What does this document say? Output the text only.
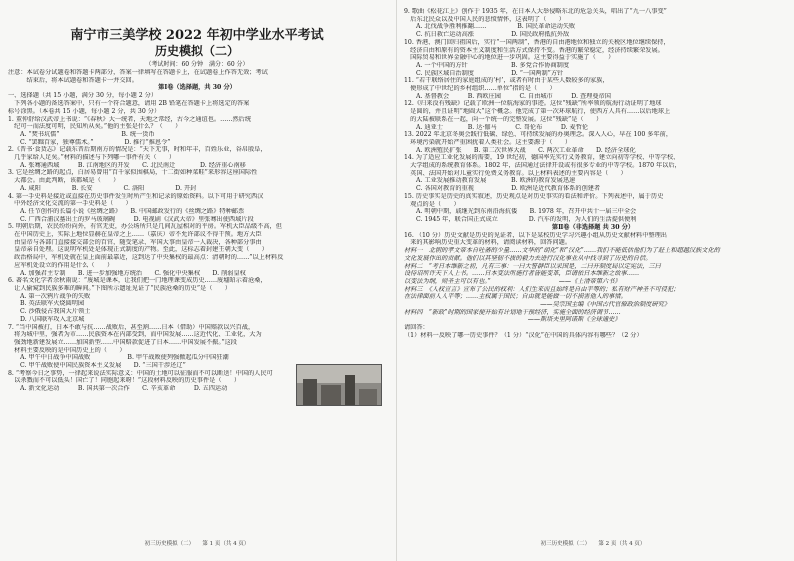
南宁市三美学校 2022 年初中学业水平考试
历史模拟（二）
（考试时间：60 分钟　满分：60 分）
注意：本试卷分试题卷和答题卡两部分，答案一律填写在答题卡上，在试题卷上作答无效；考试
　　　结束后，将本试题卷和答题卡一并交回。
第Ⅰ卷（选择题，共 30 分）
一、选择题（共 15 小题，满分 30 分，每小题 2 分）
　下列各小题的备选答案中，只有一个符合题意，请用 2B 铅笔在答题卡上将选定的答案
标号涂黑。（本卷共 15 小题，每小题 2 分，共 30 分）
1. 董仲舒给汉武帝上书说：“《春秋》大一统者，天地之常经，古今之通谊也。……然后统
　纪可一而法度可明，民知所从矣。”他的主张是什么？（　　）
A. “焚书坑儒”　　　　　　　　　　B. 统一货币
C. “罢黜百家，独尊儒术。”　　　　　D. 推行“推恩令”
2.《晋书·食货志》记载东晋后期南方的情况是：“天下无事，时和年丰，百姓乐业，谷帛殷阜，
　几乎家给人足矣。”材料的描述与下列哪一事件有关（　　）
A. 张骞通西域　　　B. 江南地区的开发　　C. 北民南迁　　　　D. 经济重心南移
3. 它是丝绸之路的起点，白居易曾用“百千家似围棋局，十二街如种菜畦”来形容这座国际性
　大都会。由此判断，该都城是（　　）
A. 咸阳　　　　　B. 长安　　　　　C. 洛阳　　　　　D. 开封
4. 第一手史料是接近或直接在历史事件发生时所产生和记录的原始资料。以下可用于研究西汉
　中外经济文化交流的第一手史料是（　　）
A. 任节创作的长篇小说《丝绸之路》　　B. 中国邮政发行的《丝绸之路》特种邮票
C. 广西合浦汉墓出土的罗马玻璃碗　　　D. 电视剧《汉武大帝》里张骞出使西域片段
5. 明朝后期，农民纷纷向外，有官无吏，办公场所只是几间瓦屋相对的平房。军机大臣品级不高，但
　在中国历史上，实际上地位显赫在皇帝之上……（嘉庆）帝不允许部议不得干预。地方大臣
　由皇帝与各部门直接接交部会的百官，随受笔录、军国大事由皇帝一人裁决，各种部分事由
　皇帝亲自处理。这说明军机处是体现正式制度的产物。至此，这标志着封建王朝大变（　　）
　政治格局中，军机处就在皇上面前最靠近，这到达了中央集权的最高点：清朝时的……”以上材料反
　应军机处设立的作用是什么（　　）
A. 加强君主专制　　B. 进一步加强地方统治　　C. 强化中央集权　　D. 削弱皇权
6. 著名文化学者余秋雨说：“废城是课本，让我们把一门地理课变成历史……废墟昭示着沧桑，
　让人偷窥到民族多难的瞬间。”下图所示遗址见证了“民族沧桑的历史”是（　　）
A. 第一次鸦片战争的失败
B. 英法联军火烧圆明园
C. 沙俄侵占我国大片领土
D. 八国联军攻入北京城
7. “当中国被打，日本不敢与抗……战败后，甚至割……日本（借助）中国赔款以兴百战，
　将为城中里，强者为市……民族资本在内部受到，而中国发展……这近代化、工业化，大为
　强劲地新建发展立……加国新型……中国赔款促进了日本……中国发展不振。”这段
　材料主要反映的是中国历史上的（　　）
A. 甲午中日战争中国战败　　　　　　B. 甲午战败使列强掀起瓜分中国狂潮
C. 甲午战败使中国民族资本主义发展　　D. “三国干涉还辽”
8. “考察今日之事势，一律起来说法实际意义：中国的土地可以征服而不可以断送！中国的人民可
　以杀戮而不可以低头！国亡了！同胞起来呀！”这段材料反映的历史事件是（　　）
A. 新文化运动　　　B. 国共第一次合作　　C. 辛亥革命　　　D. 五四运动
初三历史模拟（二）　　第 1 页（共 4 页）
9. 歌曲《松花江上》创作于 1935 年，在日本人大举侵略东北的危急关头，唱出了“九一八事变”
　后东北民众以及中国人民的悲愤情怀，这表明了（　　）
A. 北伐战争胜利推翻……　　　　　B. 国民革命运动失败
C. 抗日救亡运动高涨　　　　　　D. 国民政府抵抗外敌
10. 香港、澳门回归祖国后，实行“一国两制”，香港的自由港地位和独立的关税区地位继续保持，
　经济自由和原有的资本主义制度和生活方式保持不变。香港的繁荣稳定，经济持续繁荣发展。
　国际贸易和世界金融中心的地位进一步巩固。这主要得益于实施了（　　）
A. 一个中国的方针　　　　　　　B. 多党合作协商制度
C. 民族区域自治制度　　　　　　D. “一国两制”方针
11. “若干联络居住的家庭组成的‘村’，或者有时由于某些人数较多的家族，
　便形成了中世纪的乡村组织……单位”指的是（　　）
A. 基督教会　　　B. 西欧庄园　　　C. 自由城市　　　D. 查理曼帝国
12.《归来没有残缺》记载了欧洲一位航海家的事迹。这位“残缺”所率领的航海行动证明了地球
　是圆的，并且证明“地圆大”这个概念。他完成了第一次环球航行，使西方人具有……以后地球上
　的大陆被联系在一起，向一个统一的完整发展。这位“残缺”是（　　）
A. 迪亚士　　　　B. 达·伽马　　　C. 哥伦布　　　D. 麦哲伦
13. 2022 年北京冬奥会践行低碳、绿色、可持续发展的办奥理念。深入人心，早在 100 多年前，
　环境污染就开始严重困扰着人类社会。这主要源于（　　）
A. 欧洲殖民扩张　　B. 第二次世界大战　　C. 两次工业革命　　D. 经济全球化
14. 为了适应工业化发展的需要，19 世纪初，德国率先实行义务教育，建立向初等学校、中等学校、
　大学组成的系统教育体系。1802 年，法国通过法律开设或有很多专业的中等学校。1870 年以后，
　英国、法国开始对儿童实行免费义务教育。以上材料表述的主要内容是（　　）
A. 工业发展推动教育发展　　　　B. 欧洲的教育发展迅速
C. 各国对教育的重视　　　　　　D. 欧洲是近代教育体系的创建者
15. 历史事实是历史的真实叙述，历史观点是对历史事实的看法和评价。下列表述中，属于历史
　观点的是（　　）
A. 明朝中期，戚继光到东南沿海抗倭　　B. 1978 年，召开中共十一届三中全会
C. 1945 年，联合国正式成立　　　　　D. 汽车的发明，为人们的生活提供便利
第Ⅱ卷（非选择题 共 30 分）
16. （10 分）历史文献是历史的见证者，以下是某校历史学习兴趣小组从历史文献材料中整理出
　来的其影响历史重大变革的材料，请阅读材料，回答问题。
材料一　北朝的孝文帝本自吐蕃的少量……文华的“胡化”和“汉化”……我们不能低估他们为了赶上和超越汉族文化的
文化发展作出的贡献。他们以其坚韧不拔的毅力去进行汉化事业从中找寻到了历史的自信。
材料二　“考日本维新之初，凡有三事：一曰大誓群臣以采国是，二曰开制度局以定宪法，三曰
设待诏所许天下人上书。……日本变法所施行者皆能变革，臣请依日本维新之故事……
以变法为纲，则圣主可以有也。”　　　　　　　　　　　——《上清帝第六书》
材料三　《人权宣言》宣布了公民的权利：人们生来而且始终是自由平等的；私有财产神圣不可侵犯；
在法律面前人人平等；……主权属于国民；自由就是能做一切不损害他人的事情。
　　　　　　　　　　　　　　　　　　　　　　——吴宗国主编《中国古代官僚政治制度研究》
材料四　“新政”时期的国家便开始有计划地干预经济，实施全面的经济调节……
　　　　　　　　　　　　　　　　　　　　——斯塔夫里阿诺斯《全球通史》
请回答：
（1）材料一反映了哪一历史事件？（1 分）“汉化”在中国的具体内容有哪些？（2 分）
初三历史模拟（二）　　第 2 页（共 4 页）
